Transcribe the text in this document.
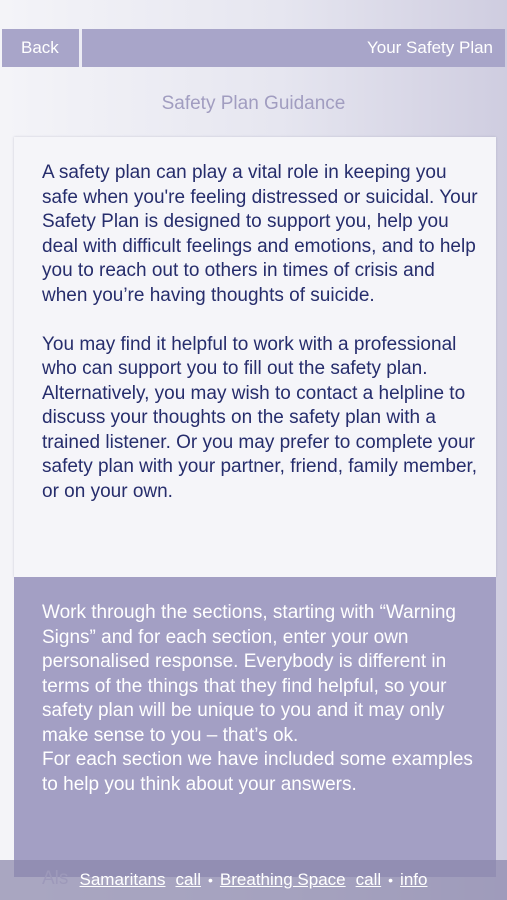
Back	Your Safety Plan
Safety Plan Guidance

A safety plan can play a vital role in keeping you safe when you're feeling distressed or suicidal. Your Safety Plan is designed to support you, help you deal with difficult feelings and emotions, and to help you to reach out to others in times of crisis and when you’re having thoughts of suicide.

You may find it helpful to work with a professional who can support you to fill out the safety plan. Alternatively, you may wish to contact a helpline to discuss your thoughts on the safety plan with a trained listener. Or you may prefer to complete your safety plan with your partner, friend, family member, or on your own.

Work through the sections, starting with “Warning Signs” and for each section, enter your own personalised response. Everybody is different in terms of the things that they find helpful, so your safety plan will be unique to you and it may only make sense to you – that’s ok.

For each section we have included some examples to help you think about your answers.

Samaritans call • Breathing Space call • info
